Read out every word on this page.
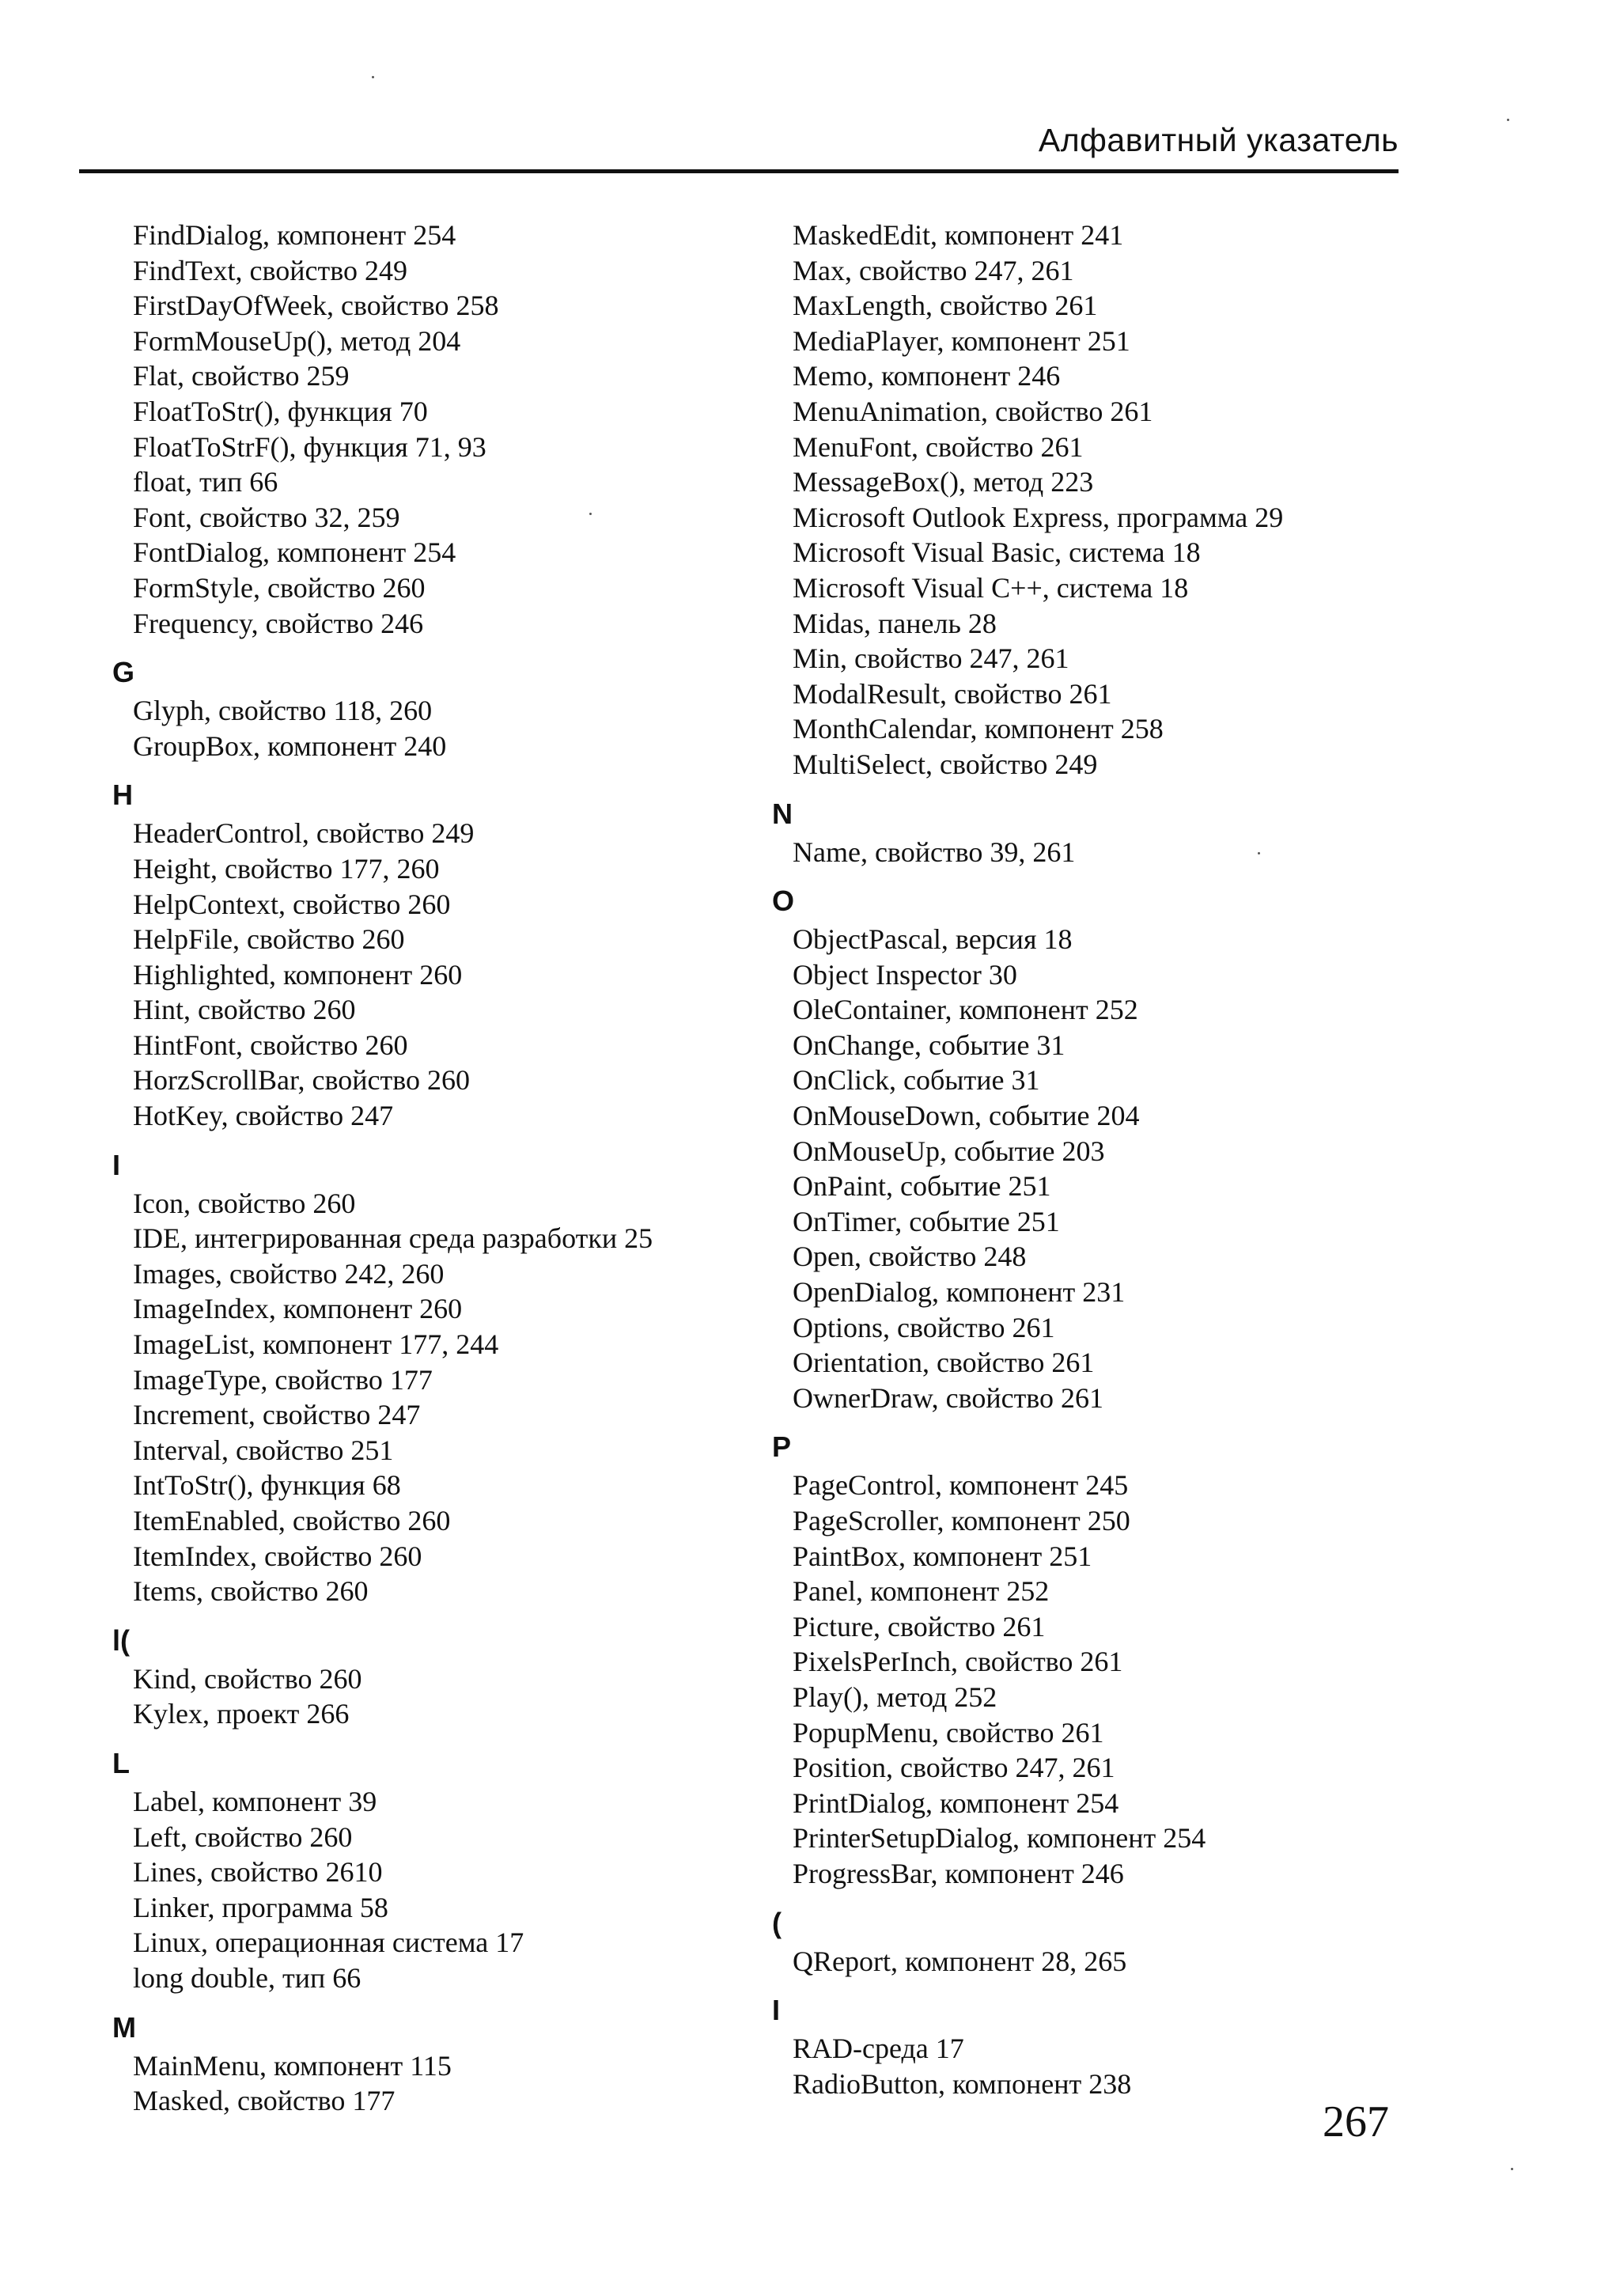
Алфавитный указатель
FindDialog, компонент 254
FindText, свойство 249
FirstDayOfWeek, свойство 258
FormMouseUp(), метод 204
Flat, свойство 259
FloatToStr(), функция 70
FloatToStrF(), функция 71, 93
float, тип 66
Font, свойство 32, 259
FontDialog, компонент 254
FormStyle, свойство 260
Frequency, свойство 246
G
Glyph, свойство 118, 260
GroupBox, компонент 240
H
HeaderControl, свойство 249
Height, свойство 177, 260
HelpContext, свойство 260
HelpFile, свойство 260
Highlighted, компонент 260
Hint, свойство 260
HintFont, свойство 260
HorzScrollBar, свойство 260
HotKey, свойство 247
I
Icon, свойство 260
IDE, интегрированная среда разработки 25
Images, свойство 242, 260
ImageIndex, компонент 260
ImageList, компонент 177, 244
ImageType, свойство 177
Increment, свойство 247
Interval, свойство 251
IntToStr(), функция 68
ItemEnabled, свойство 260
ItemIndex, свойство 260
Items, свойство 260
l(
Kind, свойство 260
Kylex, проект 266
L
Label, компонент 39
Left, свойство 260
Lines, свойство 2610
Linker, программа 58
Linux, операционная система 17
long double, тип 66
M
MainMenu, компонент 115
Masked, свойство 177
MaskedEdit, компонент 241
Max, свойство 247, 261
MaxLength, свойство 261
MediaPlayer, компонент 251
Memo, компонент 246
MenuAnimation, свойство 261
MenuFont, свойство 261
MessageBox(), метод 223
Microsoft Outlook Express, программа 29
Microsoft Visual Basic, система 18
Microsoft Visual C++, система 18
Midas, панель 28
Min, свойство 247, 261
ModalResult, свойство 261
MonthCalendar, компонент 258
MultiSelect, свойство 249
N
Name, свойство 39, 261
O
ObjectPascal, версия 18
Object Inspector 30
OleContainer, компонент 252
OnChange, событие 31
OnClick, событие 31
OnMouseDown, событие 204
OnMouseUp, событие 203
OnPaint, событие 251
OnTimer, событие 251
Open, свойство 248
OpenDialog, компонент 231
Options, свойство 261
Orientation, свойство 261
OwnerDraw, свойство 261
P
PageControl, компонент 245
PageScroller, компонент 250
PaintBox, компонент 251
Panel, компонент 252
Picture, свойство 261
PixelsPerInch, свойство 261
Play(), метод 252
PopupMenu, свойство 261
Position, свойство 247, 261
PrintDialog, компонент 254
PrinterSetupDialog, компонент 254
ProgressBar, компонент 246
(
QReport, компонент 28, 265
I
RAD-среда 17
RadioButton, компонент 238
267
